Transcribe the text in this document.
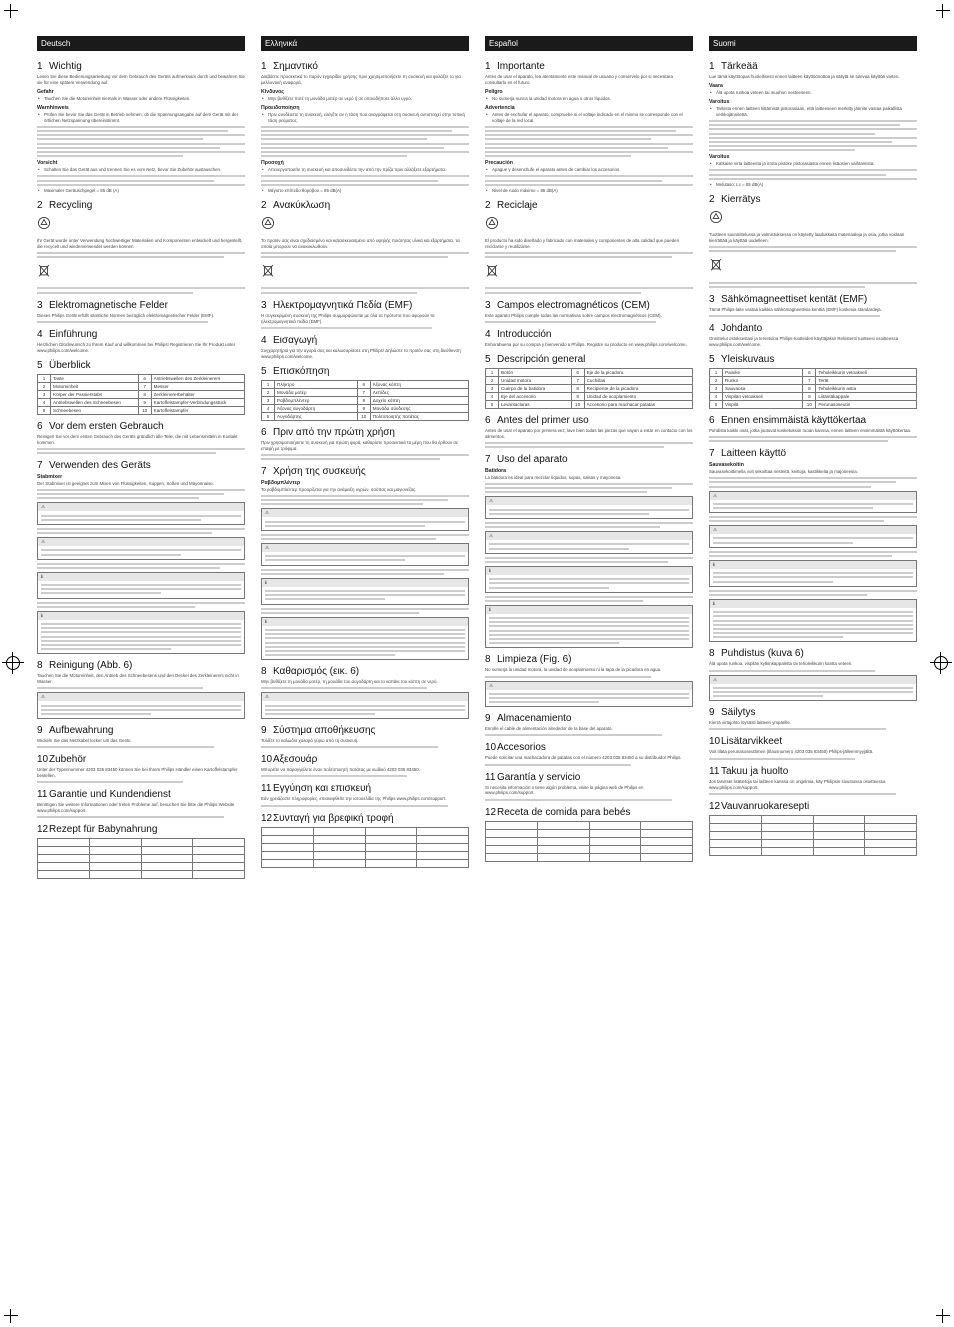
Deutsch
1 Wichtig
Lesen Sie diese Bedienungsanleitung vor dem Gebrauch des Geräts aufmerksam durch und bewahren Sie sie für eine spätere Verwendung auf.
Gefahr
• Tauchen Sie die Motoreinheit niemals in Wasser oder andere Flüssigkeiten.
Warnhinweis
• Prüfen Sie bevor Sie das Gerät in Betrieb nehmen, ob die Spannungsangabe auf dem Gerät mit der örtlichen Netzspannung übereinstimmt.
Vorsicht
• Schalten Sie das Gerät aus und trennen Sie es vom Netz, bevor Sie Zubehör austauschen.
• Maximaler Geräuschpegel = 85 dB (A)
2 Recycling
Ihr Gerät wurde unter Verwendung hochwertiger Materialien und Komponenten entwickelt und hergestellt, die recycelt und wiederverwendet werden können.
3 Elektromagnetische Felder
Dieses Philips Gerät erfüllt sämtliche Normen bezüglich elektromagnetischer Felder (EMF).
4 Einführung
Herzlichen Glückwunsch zu Ihrem Kauf und willkommen bei Philips! Registrieren Sie Ihr Produkt unter www.philips.com/welcome.
5 Überblick
1	Taste	6	Antriebswellen des Zerkleinerers
2	Motoreinheit	7	Messer
3	Körper der Passierstabs	8	Zerkleinererbehälter
4	Antriebswellen des Schneebesen	9	Kartoffelstampfer-Verbindungsstück
5	Schneebesen	10	Kartoffelstampfer
6 Vor dem ersten Gebrauch
Reinigen Sie vor dem ersten Gebrauch des Geräts gründlich alle Teile, die mit Lebensmitteln in Kontakt kommen.
7 Verwenden des Geräts
Stabmixer
Der Stabmixer ist geeignet zum Mixen von Flüssigkeiten, Suppen, Soßen und Mayonnaise.
⚠
⚠
ℹ
ℹ
8 Reinigung (Abb. 6)
Tauchen Sie die Motoreinheit, den Antrieb des Schneebesens und den Deckel des Zerkleinerers nicht in Wasser.
⚠
9 Aufbewahrung
Wickeln Sie das Netzkabel locker um das Gerät.
10Zubehör
Unter der Typennummer 4203 035 83450 können Sie bei Ihrem Philips Händler einen Kartoffelstampfer bestellen.
11 Garantie und Kundendienst
Benötigen Sie weitere Informationen oder treten Probleme auf, besuchen Sie bitte die Philips Website www.philips.com/support.
12Rezept für Babynahrung

Ελληνικά
1 Σημαντικό
Διαβάστε προσεκτικά το παρόν εγχειρίδιο χρήσης πριν χρησιμοποιήσετε τη συσκευή και φυλάξτε το για μελλοντική αναφορά.
Κίνδυνος
• Μην βυθίζετε ποτέ τη μονάδα μοτέρ σε νερό ή σε οποιοδήποτε άλλο υγρό.
Προειδοποίηση
• Πριν συνδέσετε τη συσκευή, ελέγξτε αν η τάση που αναγράφεται στη συσκευή αντιστοιχεί στην τοπική τάση ρεύματος.
Προσοχή
• Απενεργοποιείτε τη συσκευή και αποσυνδέετε την από την πρίζα πριν αλλάξετε εξαρτήματα.
• Μέγιστο επίπεδο θορύβου = 85 dB(A)
2 Ανακύκλωση
Το προϊόν σας είναι σχεδιασμένο και κατασκευασμένο από υψηλής ποιότητας υλικά και εξαρτήματα, τα οποία μπορούν να ανακυκλωθούν.
3 Ηλεκτρομαγνητικά Πεδία (EMF)
Η συγκεκριμένη συσκευή της Philips συμμορφώνεται με όλα τα πρότυπα που αφορούν τα ηλεκτρομαγνητικά πεδία (EMF).
4 Εισαγωγή
Συγχαρητήρια για την αγορά σας και καλωσορίσατε στη Philips! Δηλώστε το προϊόν σας στη διεύθυνση www.philips.com/welcome.
5 Επισκόπηση
1	Πλήκτρο	6	Άξονας κόπτη
2	Μονάδα μοτέρ	7	Λεπίδες
3	Ραβδομπλέντερ	8	Δοχείο κόπτη
4	Άξονας αυγοδάρτη	9	Μονάδα σύνδεσης
5	Αυγοδάρτης	10	Πολτοποιητής πατάτας
6 Πριν από την πρώτη χρήση
Πριν χρησιμοποιήσετε τη συσκευή για πρώτη φορά, καθαρίστε προσεκτικά τα μέρη που θα έρθουν σε επαφή με τρόφιμα.
7 Χρήση της συσκευής
Ραβδομπλέντερ
Το ραβδομπλέντερ προορίζεται για την ανάμειξη υγρών, σούπας και μαγιονέζας.
⚠
⚠
ℹ
ℹ
8 Καθαρισμός (εικ. 6)
Μην βυθίζετε τη μονάδα μοτέρ, τη μονάδα του αυγοδάρτη και το καπάκι του κόπτη σε νερό.
⚠
9 Σύστημα αποθήκευσης
Τυλίξτε το καλώδιο χαλαρά γύρω από τη συσκευή.
10Αξεσουάρ
Μπορείτε να παραγγείλετε έναν πολτοποιητή πατάτας με κωδικό 4203 035 83450.
11 Εγγύηση και επισκευή
Εάν χρειάζεστε πληροφορίες, επισκεφθείτε την ιστοσελίδα της Philips www.philips.com/support.
12Συνταγή για βρεφική τροφή

Español
1 Importante
Antes de usar el aparato, lea atentamente este manual de usuario y consérvelo por si necesitara consultarlo en el futuro.
Peligro
• No sumerja nunca la unidad motora en agua u otros líquidos.
Advertencia
• Antes de enchufar el aparato, compruebe si el voltaje indicado en el mismo se corresponde con el voltaje de la red local.
Precaución
• Apague y desenchufe el aparato antes de cambiar los accesorios.
• Nivel de ruido máximo = 85 dB(A)
2 Reciclaje
El producto ha sido diseñado y fabricado con materiales y componentes de alta calidad que pueden reciclarse y reutilizarse.
3 Campos electromagnéticos (CEM)
Este aparato Philips cumple todas las normativas sobre campos electromagnéticos (CEM).
4 Introducción
Enhorabuena por su compra y bienvenido a Philips. Registre su producto en www.philips.com/welcome.
5 Descripción general
1	Botón	6	Eje de la picadora
2	Unidad motora	7	Cuchillas
3	Cuerpo de la batidora	8	Recipiente de la picadora
4	Eje del accesorio	9	Unidad de acoplamiento
5	Levantaclaras	10	Accesorio para machacar patatas
6 Antes del primer uso
Antes de usar el aparato por primera vez, lave bien todas las piezas que vayan a estar en contacto con los alimentos.
7 Uso del aparato
Batidora
La batidora es ideal para mezclar líquidos, sopas, salsas y mayonesa.
⚠
⚠
ℹ
ℹ
8 Limpieza (Fig. 6)
No sumerja la unidad motora, la unidad de acoplamiento ni la tapa de la picadora en agua.
⚠
9 Almacenamiento
Enrolle el cable de alimentación alrededor de la base del aparato.
10Accesorios
Puede solicitar una machacadora de patatas con el número 4203 035 83450 a su distribuidor Philips.
11 Garantía y servicio
Si necesita información o tiene algún problema, visite la página web de Philips en www.philips.com/support.
12Receta de comida para bebés

Suomi
1 Tärkeää
Lue tämä käyttöopas huolellisesti ennen laitteen käyttöönottoa ja säilytä se tulevaa käyttöä varten.
Vaara
• Älä upota runkoa veteen tai muuhun nesteeseen.
Varoitus
• Tarkista ennen laitteen liittämistä pistorasiaan, että laitteeseen merkitty jännite vastaa paikallista verkkojännitettä.
Varoitus
• Katkaise virta laitteesta ja irrota pistoke pistorasiasta ennen lisäosien vaihtamista.
• Melutaso: Lc = 85 dB(A)
2 Kierrätys
Tuotteen suunnittelussa ja valmistuksessa on käytetty laadukkaita materiaaleja ja osia, jotka voidaan kierrättää ja käyttää uudelleen.
3 Sähkömagneettiset kentät (EMF)
Tämä Philips-laite vastaa kaikkia sähkömagneettisia kenttiä (EMF) koskevia standardeja.
4 Johdanto
Onnittelut ostoksestasi ja tervetuloa Philips-tuotteiden käyttäjäksi! Rekisteröi tuotteesi osoitteessa www.philips.com/welcome.
5 Yleiskuvaus
1	Painike	6	Teholeikkurin vetoakseli
2	Runko	7	Terät
3	Sauvaosa	8	Teholeikkurin astia
4	Vispilän vetoakseli	9	Liitäntäkappale
5	Vispilä	10	Perunasoseutin
6 Ennen ensimmäistä käyttökertaa
Puhdista kaikki osat, jotka joutuvat kosketuksiin ruoan kanssa, ennen laitteen ensimmäistä käyttökertaa.
7 Laitteen käyttö
Sauvasekoitin
Sauvasekoittimella voit sekoittaa nesteitä, keittoja, kastikkeita ja majoneesia.
⚠
⚠
ℹ
ℹ
8 Puhdistus (kuva 6)
Älä upota runkoa, vispilän kytkinkappaletta tai teholeikkurin kantta veteen.
⚠
9 Säilytys
Kierrä virtajohto löysästi laitteen ympärille.
10Lisätarvikkeet
Voit tilata perunasoseuttimen (tilausnumero 4203 035 83450) Philips-jälleenmyyjältä.
11 Takuu ja huolto
Jos tarvitset lisätietoja tai laitteen kanssa on ongelmia, käy Philipsin sivustossa osoitteessa www.philips.com/support.
12Vauvanruokaresepti
